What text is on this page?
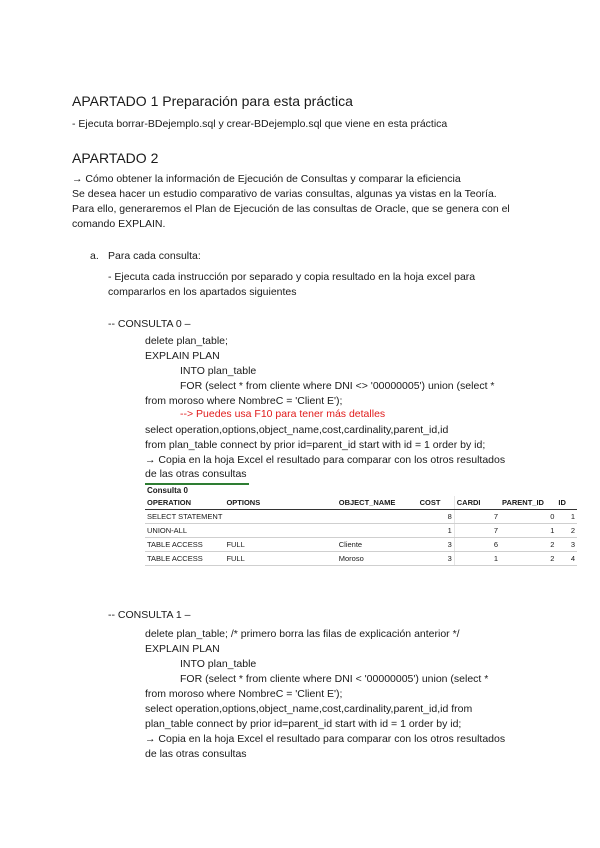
APARTADO 1 Preparación para esta práctica
- Ejecuta borrar-BDejemplo.sql y crear-BDejemplo.sql que viene en esta práctica
APARTADO 2
→ Cómo obtener la información de Ejecución de Consultas y comparar la eficiencia
Se desea hacer un estudio comparativo de varias consultas, algunas ya vistas en la Teoría.
Para ello, generaremos el Plan de Ejecución de las consultas de Oracle, que se genera con el
comando EXPLAIN.
a. Para cada consulta:
- Ejecuta cada instrucción por separado y copia resultado en la hoja excel para
compararlos en los apartados siguientes
-- CONSULTA 0 –
delete plan_table;
EXPLAIN PLAN
INTO plan_table
FOR (select * from cliente where DNI <> '00000005') union (select *
from moroso where NombreC = 'Client E');
--> Puedes usa F10 para tener más detalles
select operation,options,object_name,cost,cardinality,parent_id,id
from plan_table connect by prior id=parent_id start with id = 1 order by id;
→ Copia en la hoja Excel el resultado para comparar con los otros resultados
de las otras consultas
Consulta 0						
OPERATION	OPTIONS	OBJECT_NAME	COST	CARDI	PARENT_ID	ID
SELECT STATEMENT			8	7	0	1
UNION-ALL			1	7	1	2
TABLE ACCESS	FULL	Cliente	3	6	2	3
TABLE ACCESS	FULL	Moroso	3	1	2	4
-- CONSULTA 1 –
delete plan_table; /* primero borra las filas de explicación anterior */
EXPLAIN PLAN
INTO plan_table
FOR (select * from cliente where DNI < '00000005') union (select *
from moroso where NombreC = 'Client E');
select operation,options,object_name,cost,cardinality,parent_id,id from
plan_table connect by prior id=parent_id start with id = 1 order by id;
→ Copia en la hoja Excel el resultado para comparar con los otros resultados
de las otras consultas
